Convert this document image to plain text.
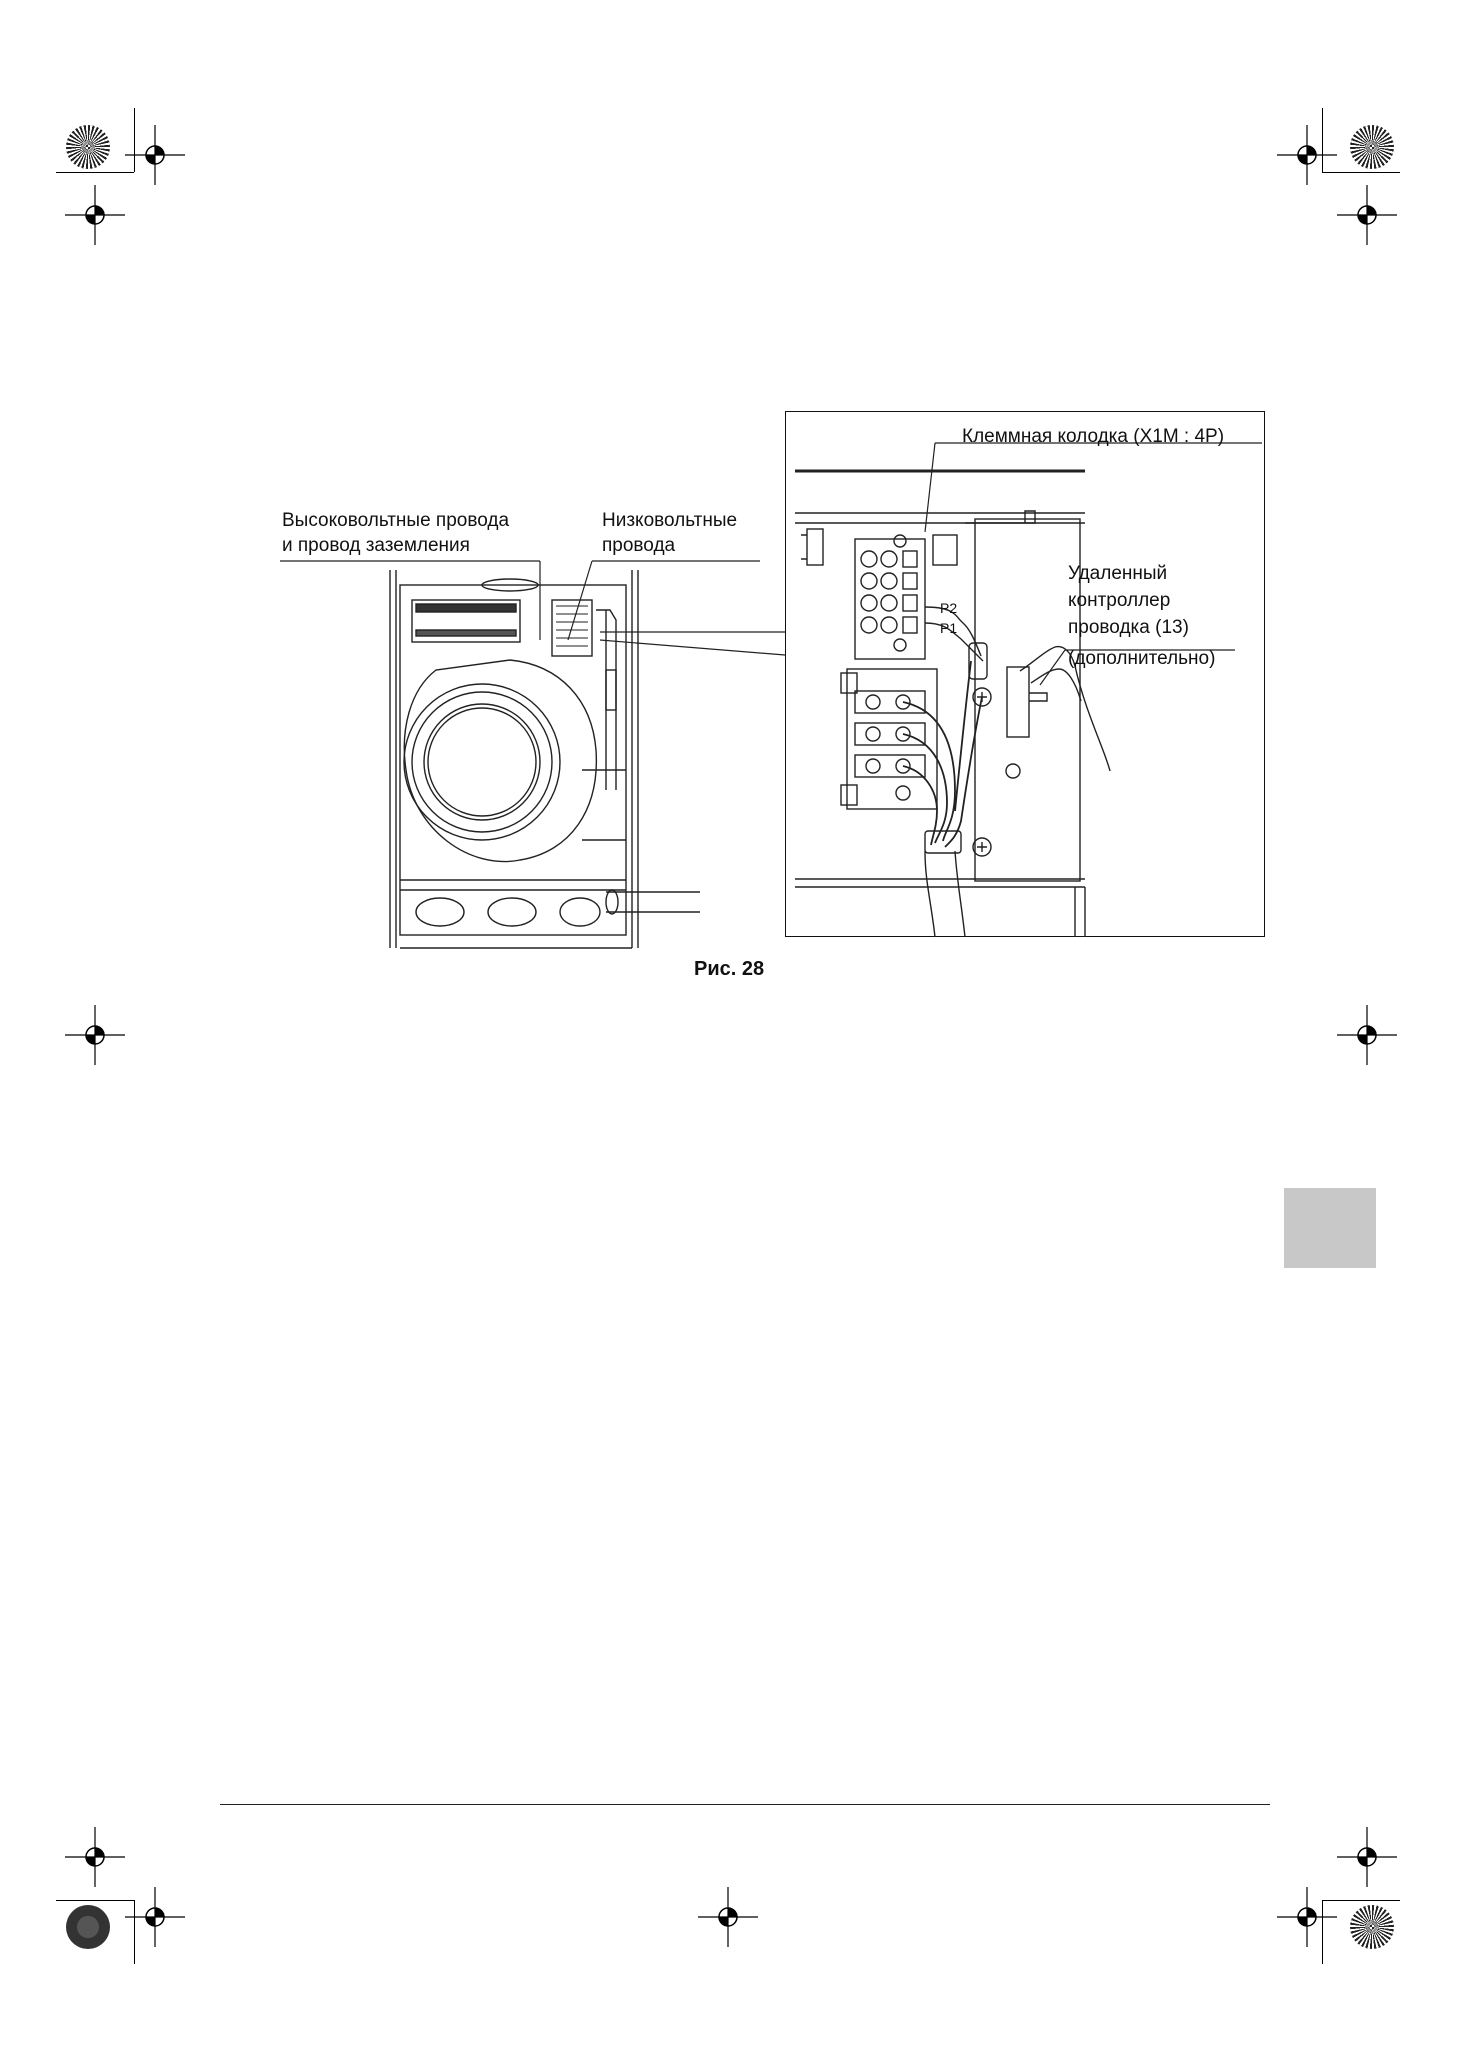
P2
P1
Высоковольтные провода
и провод заземления
Низковольтные
провода
Клеммная колодка (X1M : 4P)
Удаленный
контроллер
проводка (13)
(дополнительно)
Рис. 28
